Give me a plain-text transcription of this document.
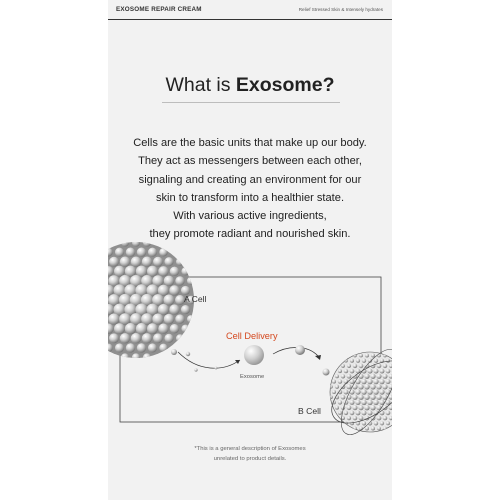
EXOSOME REPAIR CREAM	Relief Stressed Skin & Intensely hydrates
What is Exosome?
Cells are the basic units that make up our body.
They act as messengers between each other,
signaling and creating an environment for our
skin to transform into a healthier state.
With various active ingredients,
they promote radiant and nourished skin.
A Cell
Cell Delivery
Exosome
B Cell
*This is a general description of Exosomes
unrelated to product details.
